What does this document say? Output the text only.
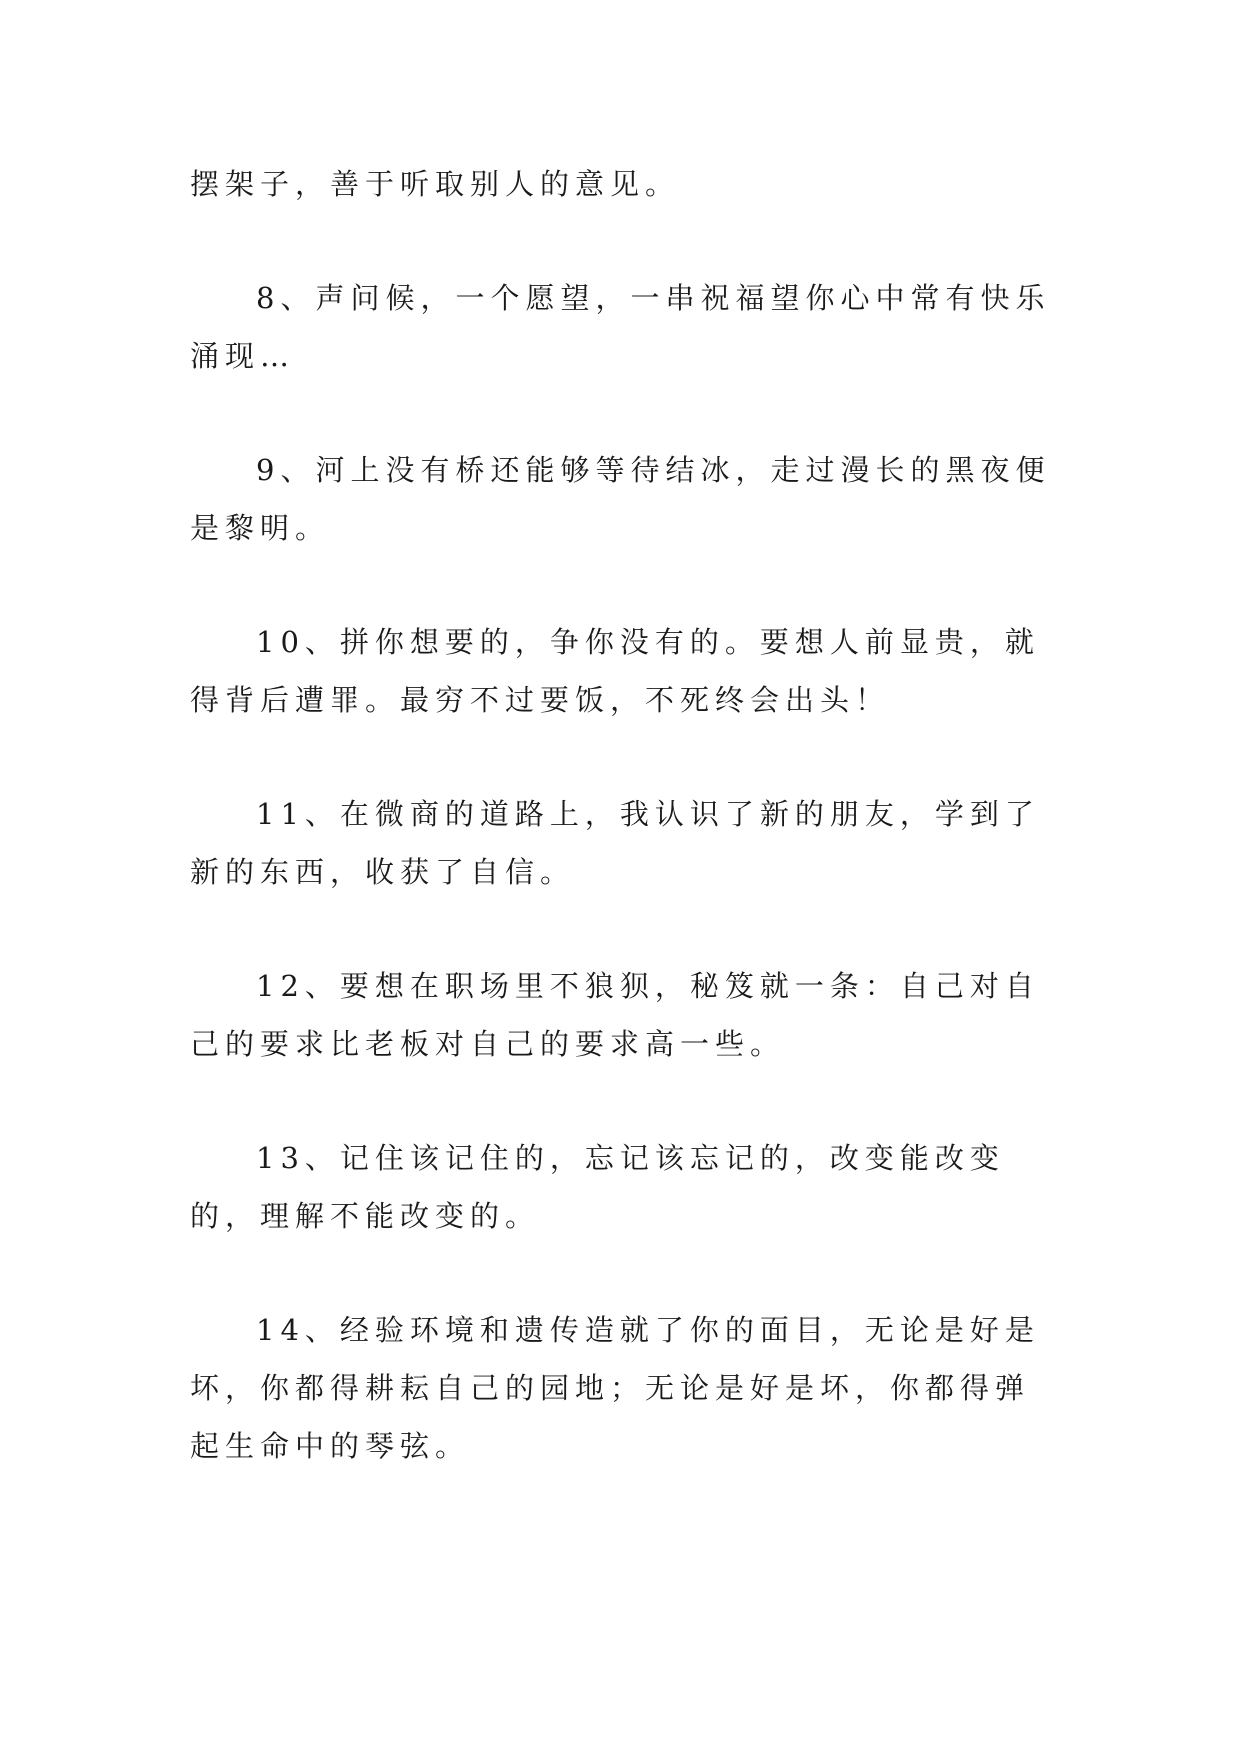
摆架子，善于听取别人的意见。

8、声问候，一个愿望，一串祝福望你心中常有快乐涌现…

9、河上没有桥还能够等待结冰，走过漫长的黑夜便是黎明。

10、拼你想要的，争你没有的。要想人前显贵，就得背后遭罪。最穷不过要饭，不死终会出头！

11、在微商的道路上，我认识了新的朋友，学到了新的东西，收获了自信。

12、要想在职场里不狼狈，秘笈就一条：自己对自己的要求比老板对自己的要求高一些。

13、记住该记住的，忘记该忘记的，改变能改变的，理解不能改变的。

14、经验环境和遗传造就了你的面目，无论是好是坏，你都得耕耘自己的园地；无论是好是坏，你都得弹起生命中的琴弦。
